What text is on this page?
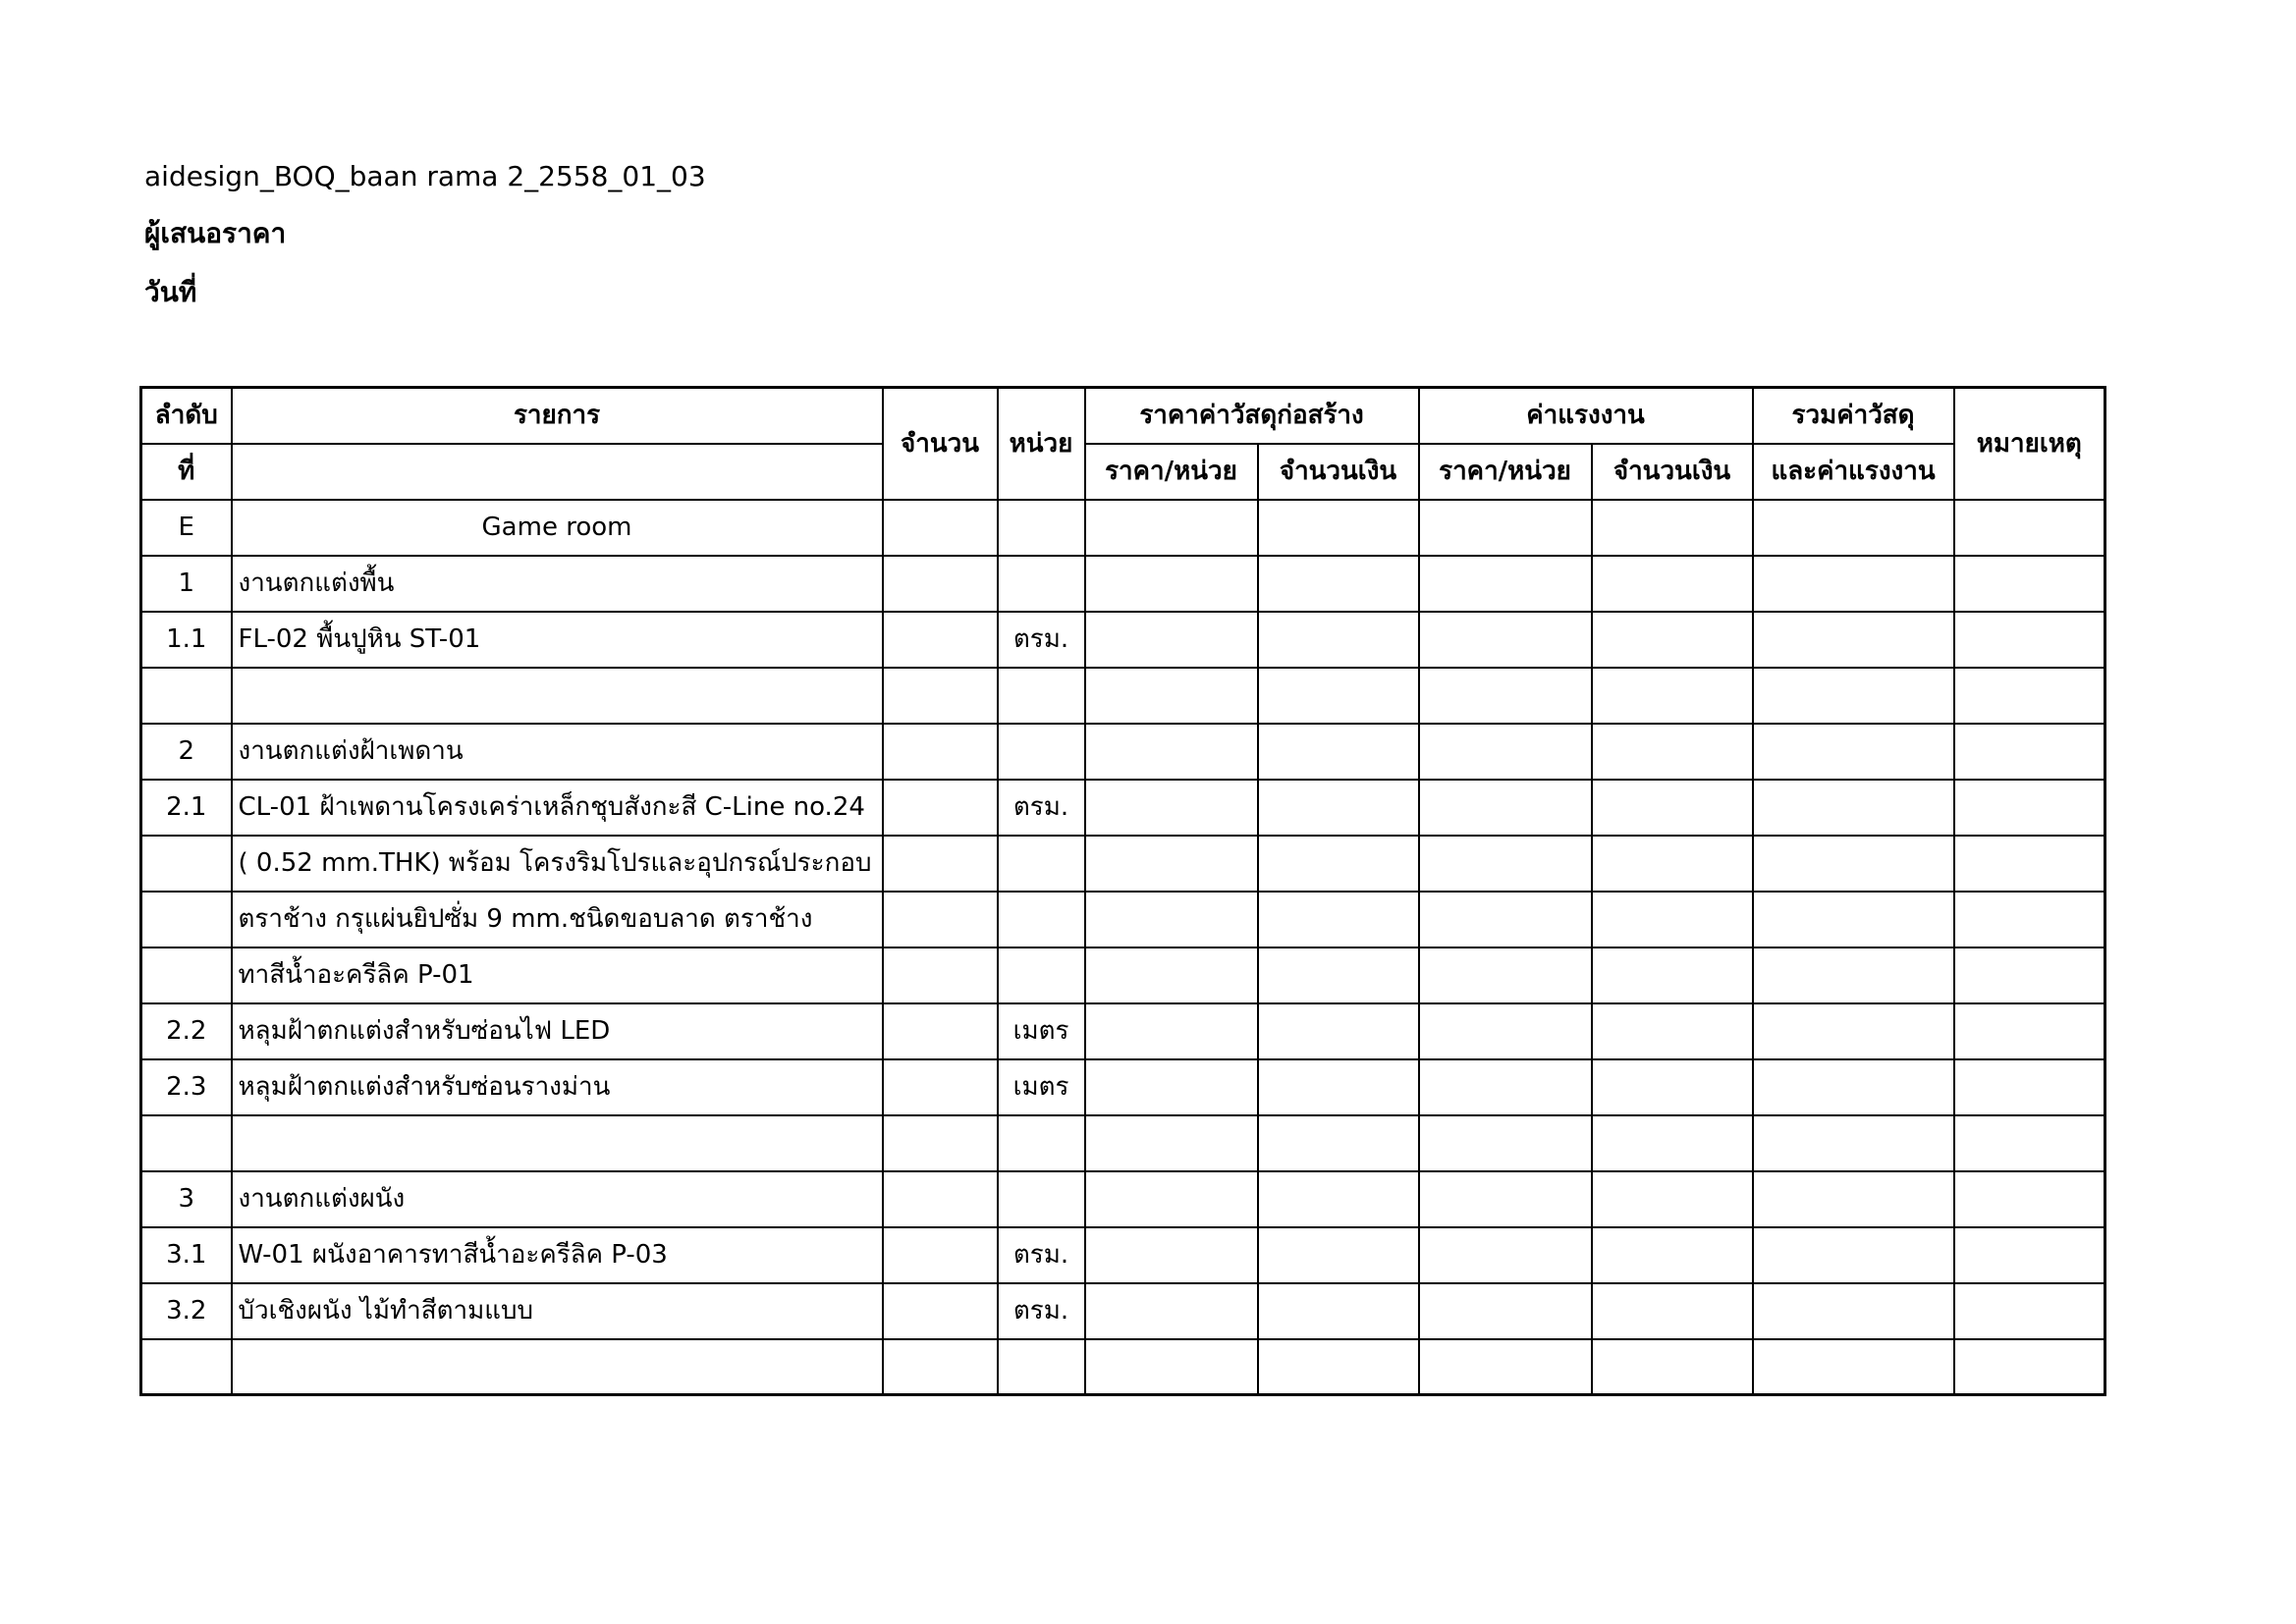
aidesign_BOQ_baan rama 2_2558_01_03
ผู้เสนอราคา
วันที่
ลำดับ	รายการ	จำนวน	หน่วย	ราคาค่าวัสดุก่อสร้าง		ค่าแรงงาน		รวมค่าวัสดุ	หมายเหตุ
ที่				ราคา/หน่วย	จำนวนเงิน	ราคา/หน่วย	จำนวนเงิน	และค่าแรงงาน	
E	Game room								
1	งานตกแต่งพื้น								
1.1	FL-02 พื้นปูหิน ST-01		ตรม.						

2	งานตกแต่งฝ้าเพดาน								
2.1	CL-01 ฝ้าเพดานโครงเคร่าเหล็กชุบสังกะสี C-Line no.24		ตรม.						
	( 0.52 mm.THK) พร้อม โครงริมโปรและอุปกรณ์ประกอบ								
	ตราช้าง กรุแผ่นยิปซั่ม 9 mm.ชนิดขอบลาด ตราช้าง								
	ทาสีน้ำอะครีลิค P-01								
2.2	หลุมฝ้าตกแต่งสำหรับซ่อนไฟ LED		เมตร						
2.3	หลุมฝ้าตกแต่งสำหรับซ่อนรางม่าน		เมตร						

3	งานตกแต่งผนัง								
3.1	W-01 ผนังอาคารทาสีน้ำอะครีลิค P-03		ตรม.						
3.2	บัวเชิงผนัง ไม้ทำสีตามแบบ		ตรม.						
